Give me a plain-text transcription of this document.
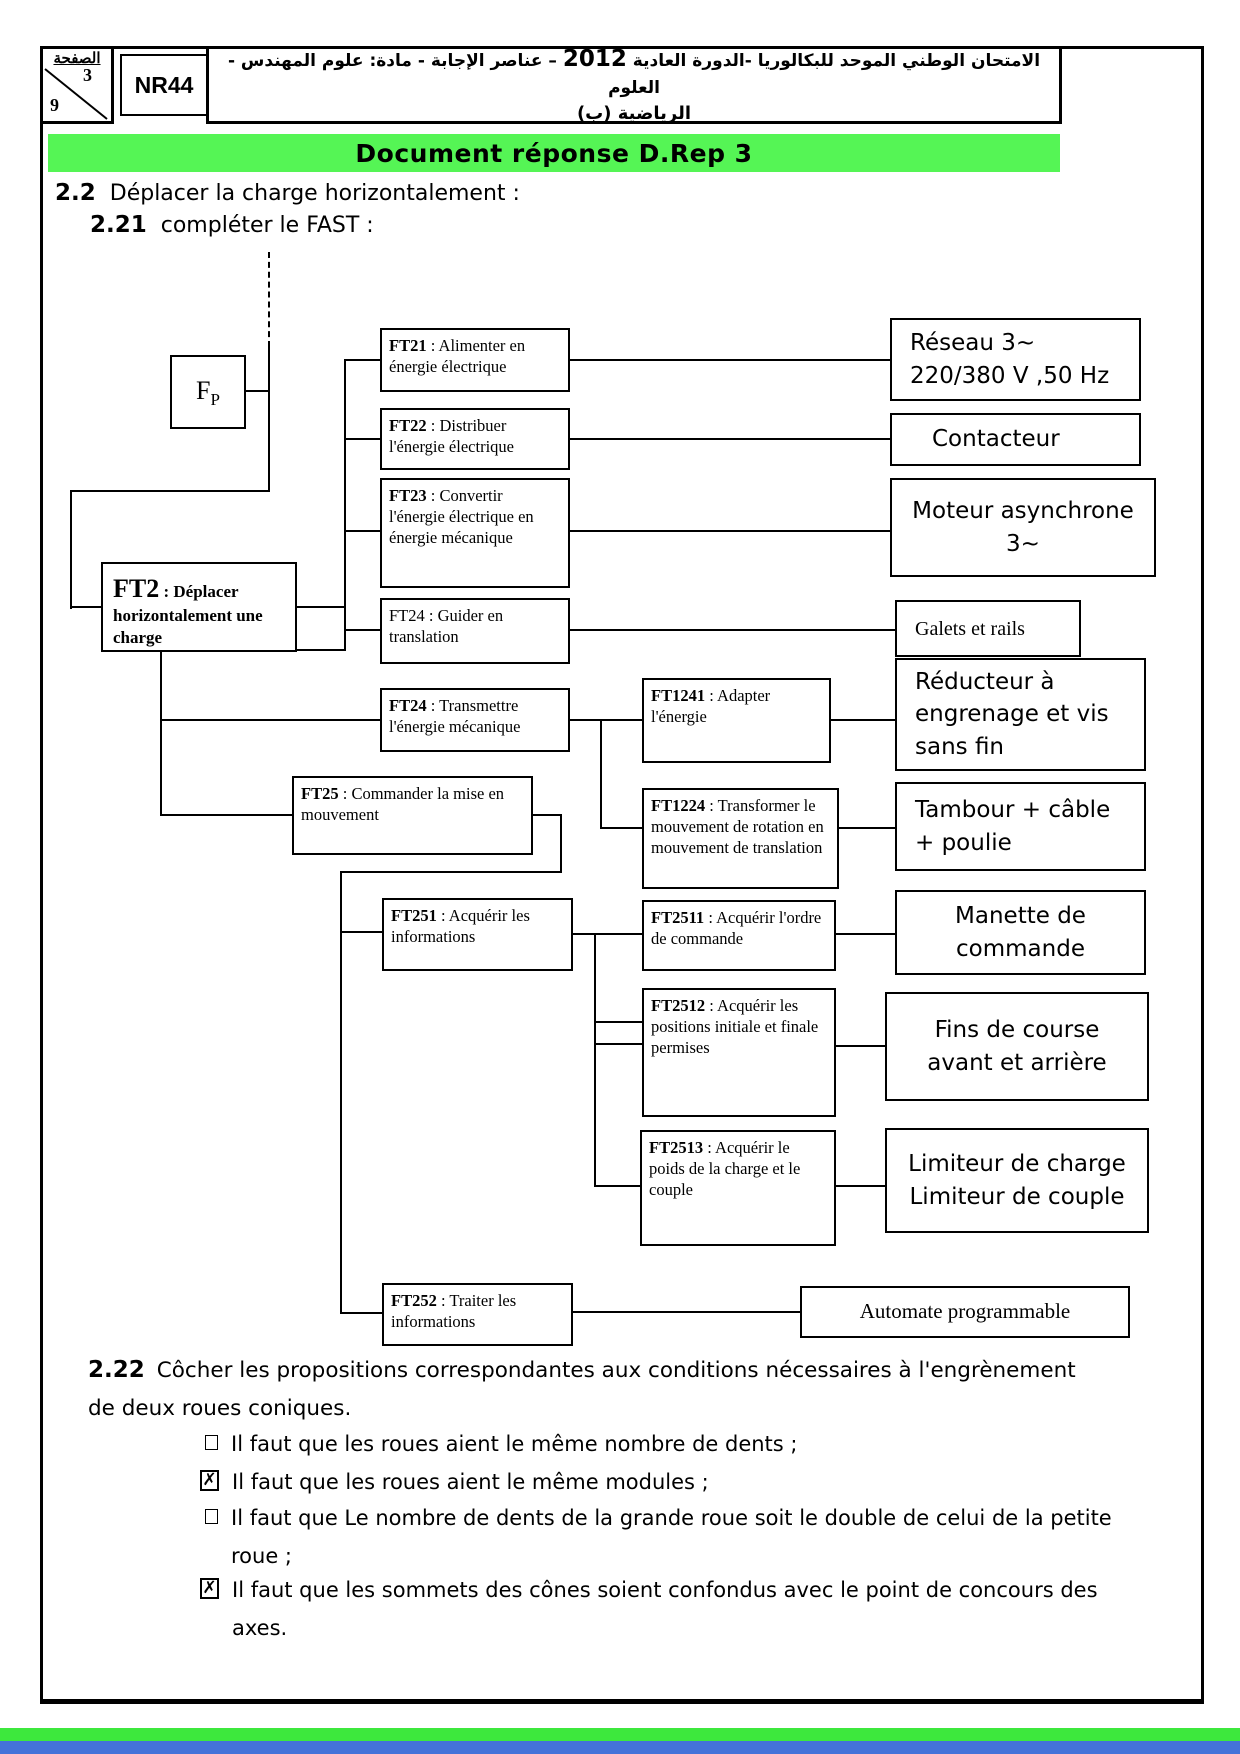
الصفحة
3
9
NR44
الامتحان الوطني الموحد للبكالوريا -الدورة العادية 2012 – عناصر الإجابة - مادة: علوم المهندس - العلوم
الرياضية (ب)
Document réponse D.Rep 3
2.2 Déplacer la charge horizontalement :
2.21 compléter le FAST :
$F_P$
FT2 : Déplacer horizontalement une charge
FT21 : Alimenter en énergie électrique
FT22 : Distribuer l'énergie électrique
FT23 : Convertir l'énergie électrique en énergie mécanique
FT24 : Guider en translation
FT24 : Transmettre l'énergie mécanique
FT25 : Commander la mise en mouvement
FT251 : Acquérir les informations
FT252 : Traiter les informations
FT1241 : Adapter l'énergie
FT1224 : Transformer le mouvement de rotation en mouvement de translation
FT2511 : Acquérir l'ordre de commande
FT2512 : Acquérir les positions initiale et finale permises
FT2513 : Acquérir le poids de la charge et le couple
Réseau 3~
220/380 V ,50 Hz
Contacteur
Moteur asynchrone
3~
Galets et rails
Réducteur à engrenage et vis sans fin
Tambour + câble + poulie
Manette de commande
Fins de course avant et arrière
Limiteur de charge
Limiteur de couple
Automate programmable
2.22 Côcher les propositions correspondantes aux conditions nécessaires à l'engrènement de deux roues coniques.
Il faut que les roues aient le même nombre de dents ;
✗ Il faut que les roues aient le même modules ;
Il faut que Le nombre de dents de la grande roue soit le double de celui de la petite roue ;
✗ Il faut que les sommets des cônes soient confondus avec le point de concours des axes.
